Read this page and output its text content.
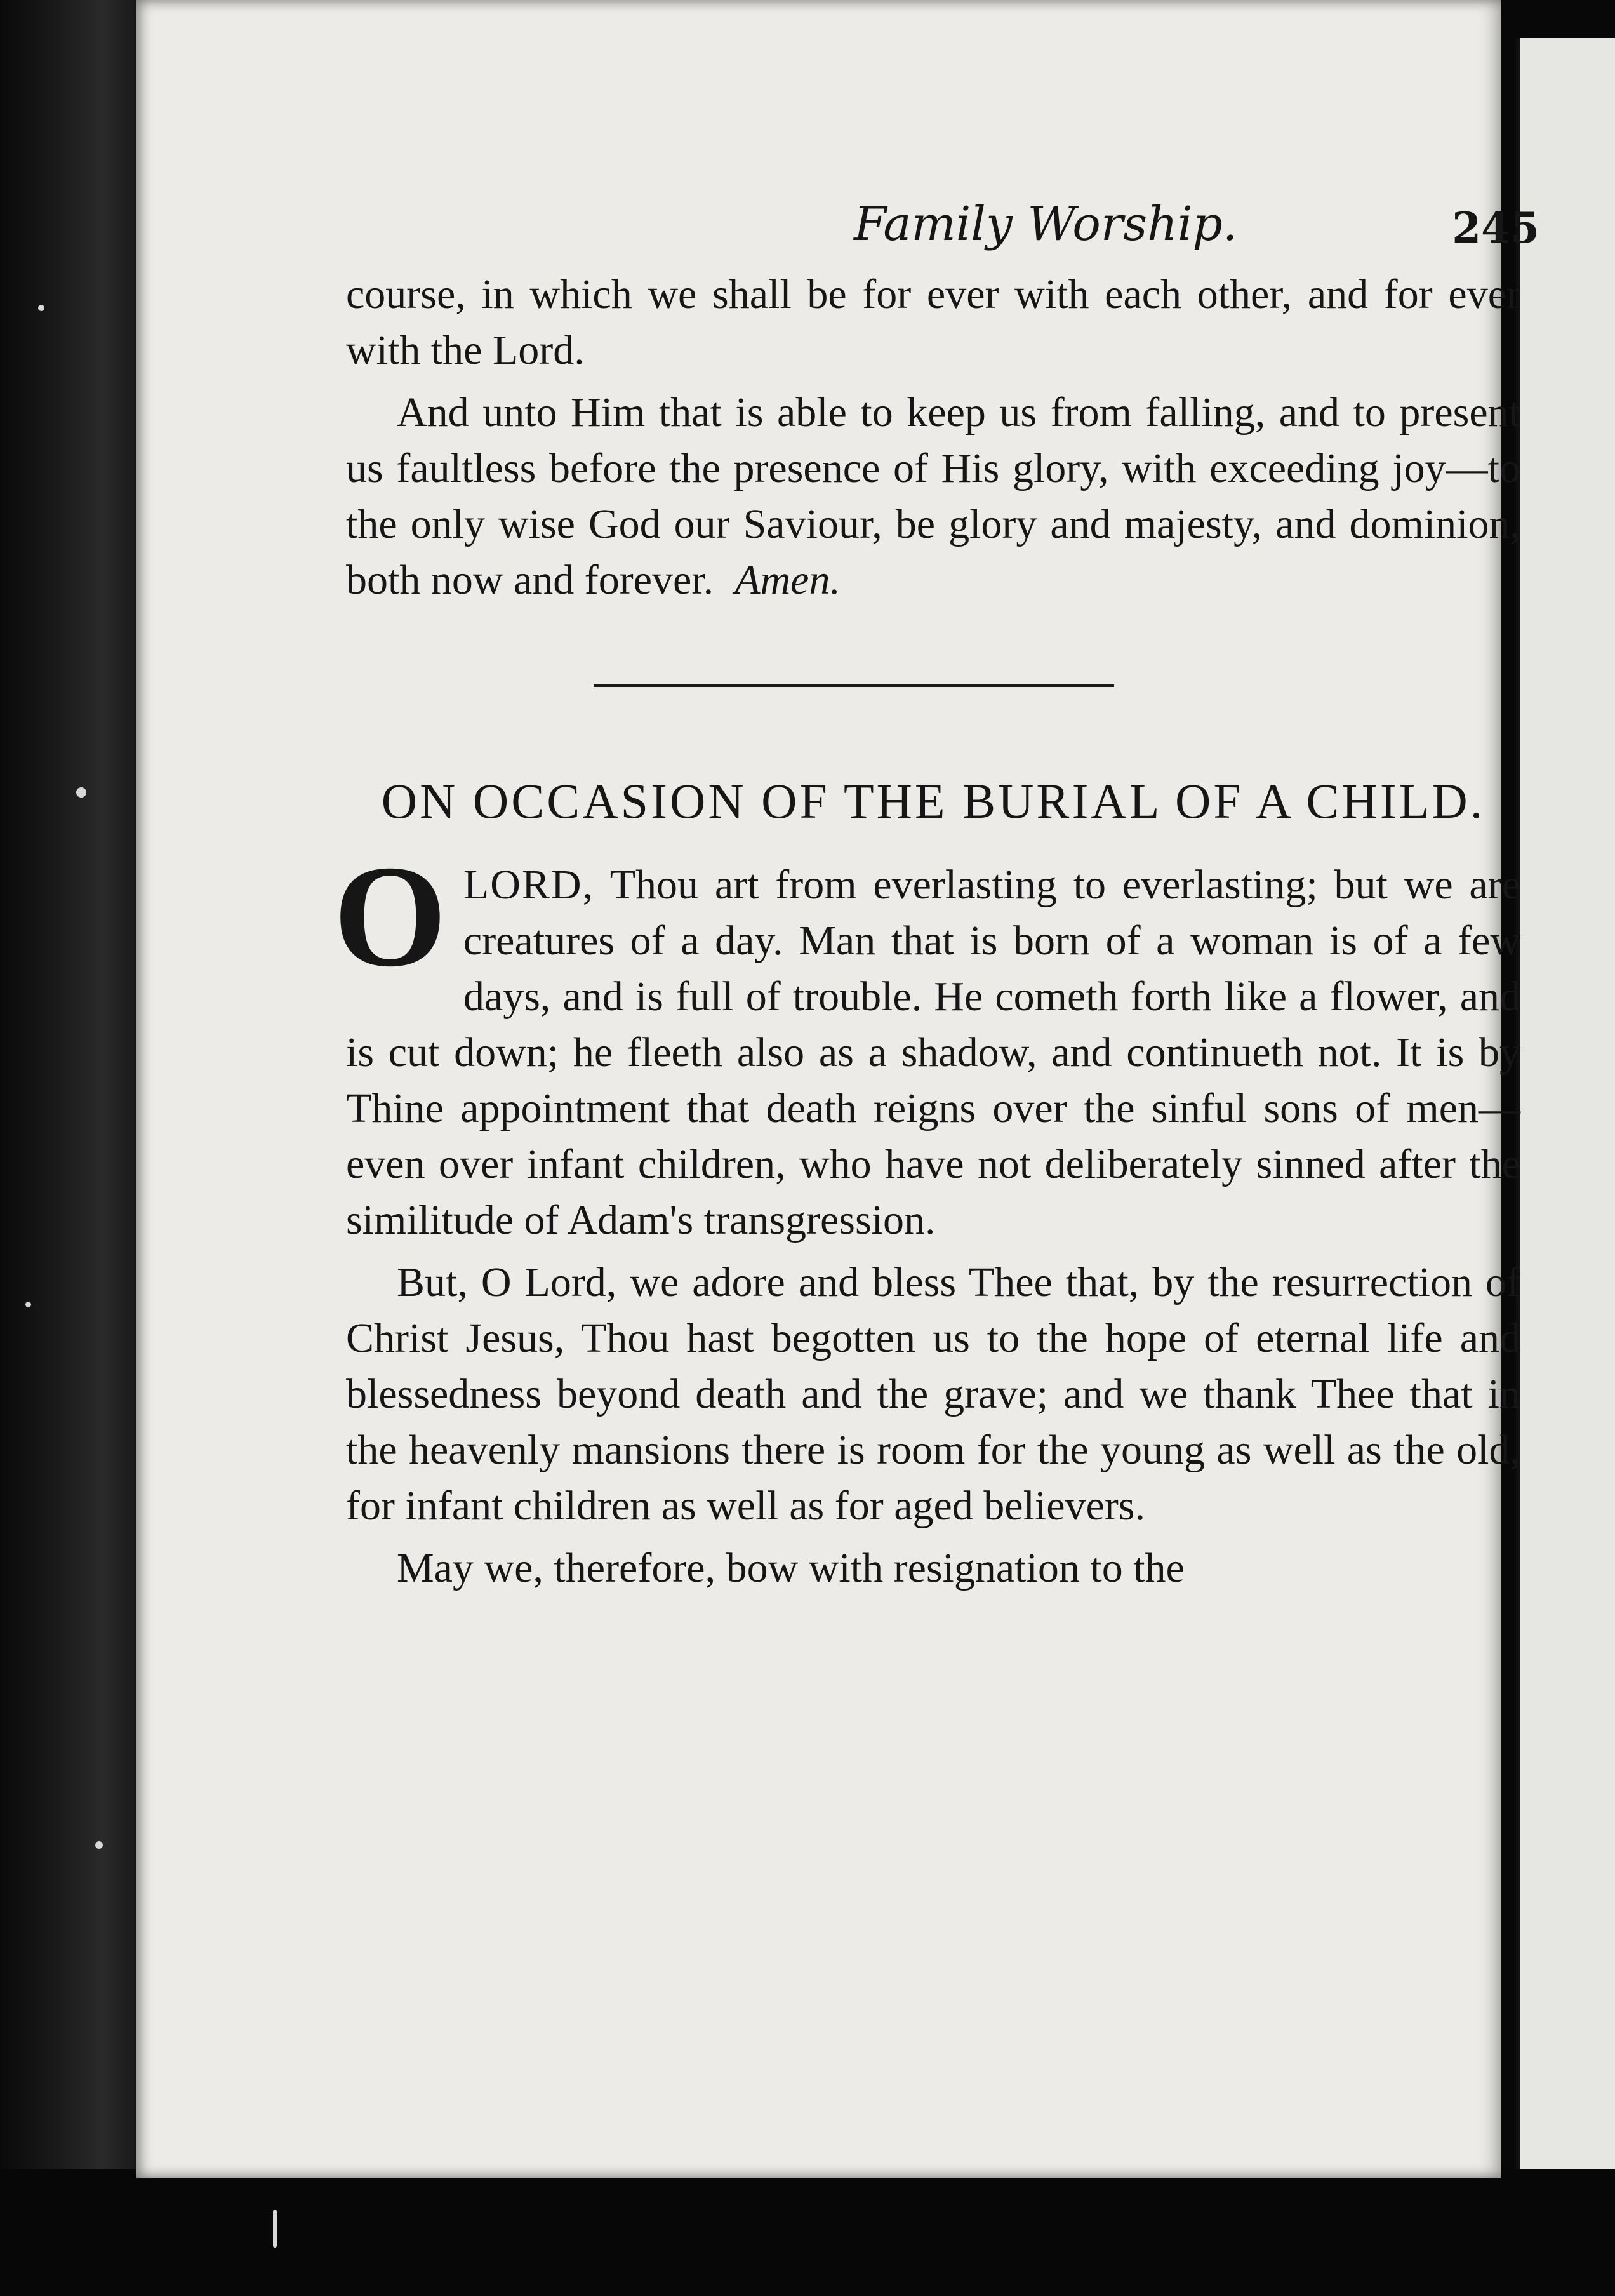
Family Worship.	245

course, in which we shall be for ever with each other, and for ever with the Lord.

And unto Him that is able to keep us from falling, and to present us faultless before the presence of His glory, with exceeding joy—to the only wise God our Saviour, be glory and majesty, and dominion, both now and forever. Amen.

ON OCCASION OF THE BURIAL OF A CHILD.

OLORD, Thou art from everlasting to everlasting; but we are creatures of a day. Man that is born of a woman is of a few days, and is full of trouble. He cometh forth like a flower, and is cut down; he fleeth also as a shadow, and continueth not. It is by Thine appointment that death reigns over the sinful sons of men—even over infant children, who have not deliberately sinned after the similitude of Adam's transgression.

But, O Lord, we adore and bless Thee that, by the resurrection of Christ Jesus, Thou hast begotten us to the hope of eternal life and blessedness beyond death and the grave; and we thank Thee that in the heavenly mansions there is room for the young as well as the old, for infant children as well as for aged believers.

May we, therefore, bow with resignation to the
